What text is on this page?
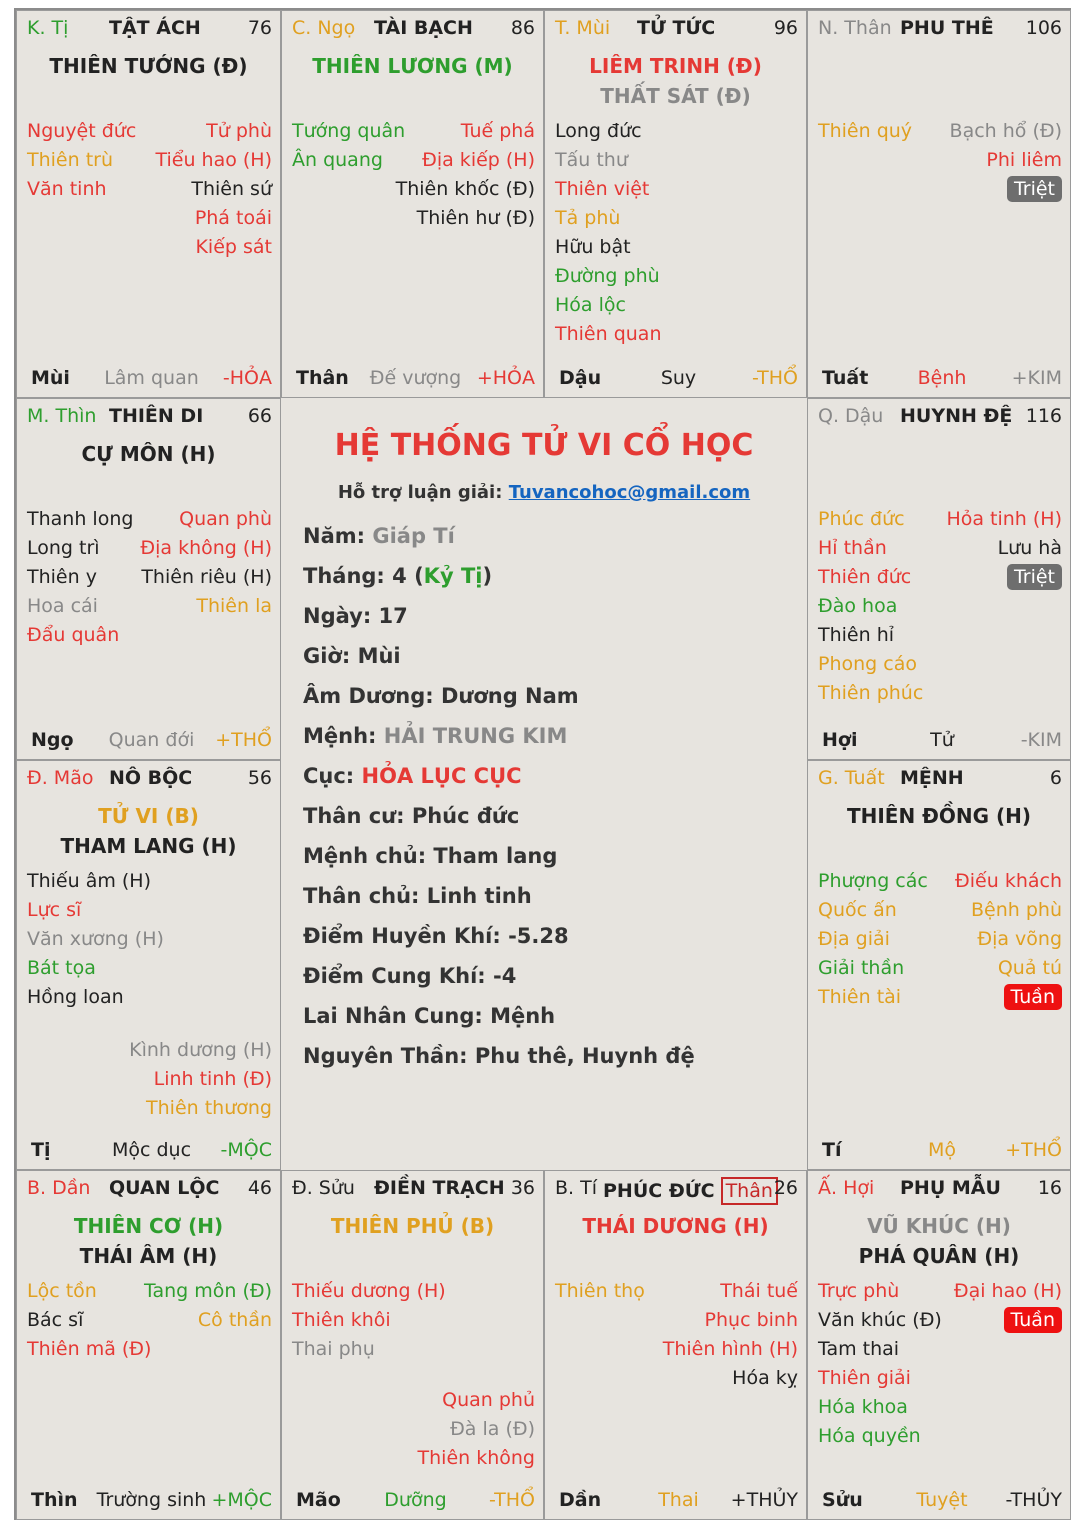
HỆ THỐNG TỬ VI CỔ HỌC
Hỗ trợ luận giải: Tuvancohoc@gmail.com
Năm: Giáp Tí
Tháng: 4 (Kỷ Tị)
Ngày: 17
Giờ: Mùi
Âm Dương: Dương Nam
Mệnh: HẢI TRUNG KIM
Cục: HỎA LỤC CỤC
Thân cư: Phúc đức
Mệnh chủ: Tham lang
Thân chủ: Linh tinh
Điểm Huyền Khí: -5.28
Điểm Cung Khí: -4
Lai Nhân Cung: Mệnh
Nguyên Thần: Phu thê, Huynh đệ
K. Tị TẬT ÁCH 76
THIÊN TƯỚNG (Đ)
Nguyệt đức
Thiên trù
Văn tinh
Tử phù
Tiểu hao (H)
Thiên sứ
Phá toái
Kiếp sát
Lâm quan
Mùi	-HỎA
C. Ngọ TÀI BẠCH 86
THIÊN LƯƠNG (M)
Tướng quân
Ân quang
Tuế phá
Địa kiếp (H)
Thiên khốc (Đ)
Thiên hư (Đ)
Đế vượng
Thân	+HỎA
T. Mùi TỬ TỨC	96
LIÊM TRINH (Đ)
THẤT SÁT (Đ)
Long đức
Tấu thư
Thiên việt
Tả phù
Hữu bật
Đường phù
Hóa lộc
Thiên quan
Suy
Dậu	-THỔ
N. Thân PHU THÊ 106
Thiên quý Bạch hổ (Đ)
Phi liêm
Triệt
Bệnh
Tuất	+KIM
M. Thìn THIÊN DI 66
CỰ MÔN (H)
Thanh long
Long trì
Thiên y
Hoa cái
Đẩu quân
Quan phù
Địa không (H)
Thiên riêu (H)
Thiên la
Quan đới
Ngọ	+THỔ
Q. Dậu HUYNH ĐỆ 116
Phúc đức
Hỉ thần
Thiên đức
Đào hoa
Thiên hỉ
Phong cáo
Thiên phúc
Hỏa tinh (H)
Lưu hà
Triệt
Tử
Hợi	-KIM
Đ. Mão NÔ BỘC	56
TỬ VI (B)
THAM LANG (H)
Thiếu âm (H)
Lực sĩ
Văn xương (H)
Bát tọa
Hồng loan
Kình dương (H)
Linh tinh (Đ)
Thiên thương
Mộc dục
Tị	-MỘC
G. Tuất MỆNH	6
THIÊN ĐỒNG (H)
Phượng các
Quốc ấn
Địa giải
Giải thần
Thiên tài
Điếu khách
Bệnh phù
Địa võng
Quả tú
Tuần
Mộ
Tí	+THỔ
B. Dần QUAN LỘC 46
THIÊN CƠ (H)
THÁI ÂM (H)
Lộc tồn
Bác sĩ
Thiên mã (Đ)
Tang môn (Đ)
Cô thần
Trường sinh
Thìn	+MỘC
Đ. Sửu ĐIỀN TRẠCH 36
THIÊN PHỦ (B)
Thiếu dương (H)
Thiên khôi
Thai phụ
Quan phủ
Đà la (Đ)
Thiên không
Dưỡng
Mão	-THỔ
B. Tí PHÚC ĐỨC Thân 26
THÁI DƯƠNG (H)
Thiên thọ	Thái tuế
Phục binh
Thiên hình (H)
Hóa kỵ
Thai
Dần	+THỦY
Ấ. Hợi PHỤ MẪU 16
VŨ KHÚC (H)
PHÁ QUÂN (H)
Trực phù
Văn khúc (Đ)
Tam thai
Thiên giải
Hóa khoa
Hóa quyền
Đại hao (H)
Tuần
Tuyệt
Sửu	-THỦY
